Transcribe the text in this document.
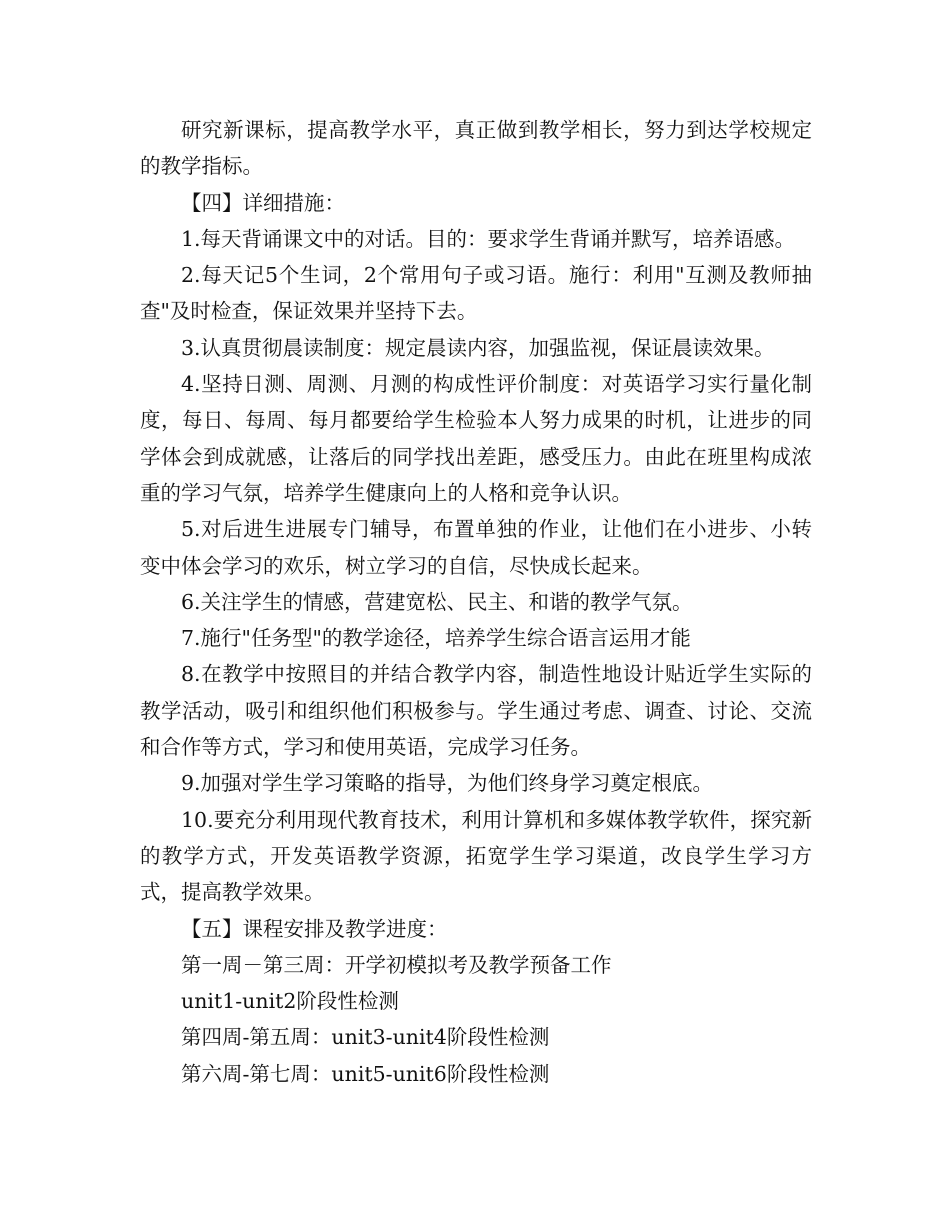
研究新课标，提高教学水平，真正做到教学相长，努力到达学校规定的教学指标。

【四】详细措施：

1.每天背诵课文中的对话。目的：要求学生背诵并默写，培养语感。

2.每天记5个生词，2个常用句子或习语。施行：利用"互测及教师抽查"及时检查，保证效果并坚持下去。

3.认真贯彻晨读制度：规定晨读内容，加强监视，保证晨读效果。

4.坚持日测、周测、月测的构成性评价制度：对英语学习实行量化制度，每日、每周、每月都要给学生检验本人努力成果的时机，让进步的同学体会到成就感，让落后的同学找出差距，感受压力。由此在班里构成浓重的学习气氛，培养学生健康向上的人格和竞争认识。

5.对后进生进展专门辅导，布置单独的作业，让他们在小进步、小转变中体会学习的欢乐，树立学习的自信，尽快成长起来。

6.关注学生的情感，营建宽松、民主、和谐的教学气氛。

7.施行"任务型"的教学途径，培养学生综合语言运用才能

8.在教学中按照目的并结合教学内容，制造性地设计贴近学生实际的教学活动，吸引和组织他们积极参与。学生通过考虑、调查、讨论、交流和合作等方式，学习和使用英语，完成学习任务。

9.加强对学生学习策略的指导，为他们终身学习奠定根底。

10.要充分利用现代教育技术，利用计算机和多媒体教学软件，探究新的教学方式，开发英语教学资源，拓宽学生学习渠道，改良学生学习方式，提高教学效果。

【五】课程安排及教学进度：

第一周－第三周：开学初模拟考及教学预备工作

unit1-unit2阶段性检测

第四周-第五周：unit3-unit4阶段性检测

第六周-第七周：unit5-unit6阶段性检测
